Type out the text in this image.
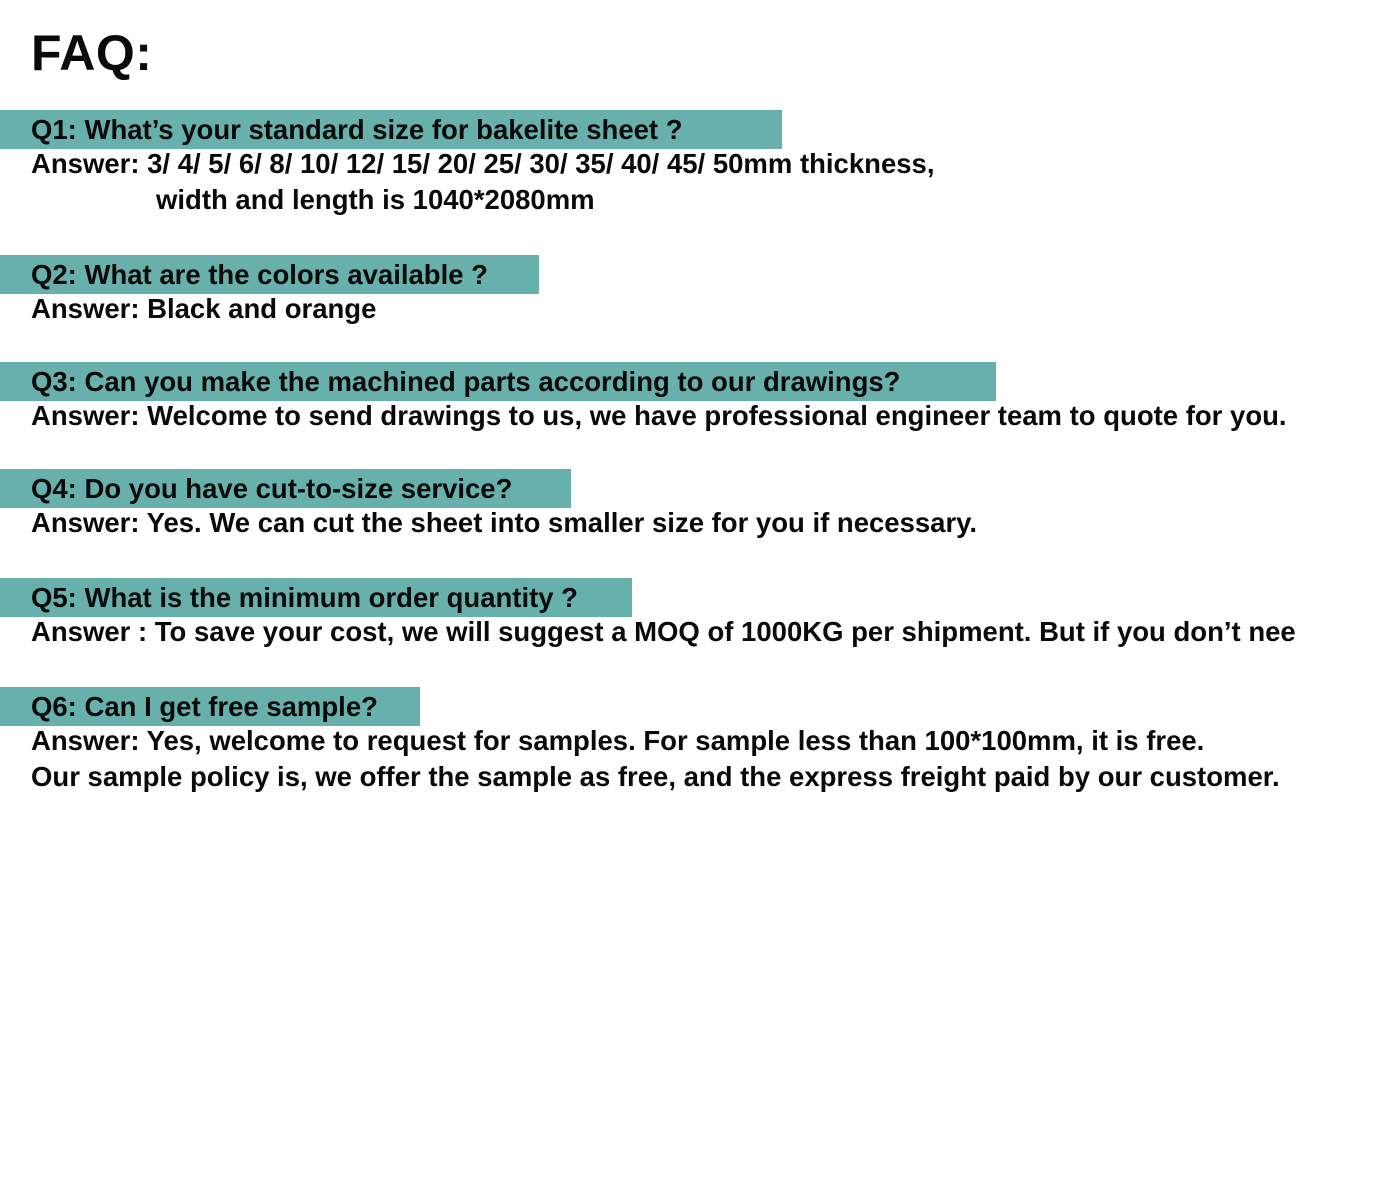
FAQ:
Q1: What’s your standard size for bakelite sheet ?
Answer: 3/ 4/ 5/ 6/ 8/ 10/ 12/ 15/ 20/ 25/ 30/ 35/ 40/ 45/ 50mm thickness,
width and length is 1040*2080mm
Q2: What are the colors available ?
Answer: Black and orange
Q3: Can you make the machined parts according to our drawings?
Answer: Welcome to send drawings to us, we have professional engineer team to quote for you.
Q4: Do you have cut-to-size service?
Answer: Yes. We can cut the sheet into smaller size for you if necessary.
Q5: What is the minimum order quantity ?
Answer : To save your cost, we will suggest a MOQ of 1000KG per shipment. But if you don’t nee
Q6: Can I get free sample?
Answer: Yes, welcome to request for samples. For sample less than 100*100mm, it is free.
Our sample policy is, we offer the sample as free, and the express freight paid by our customer.
